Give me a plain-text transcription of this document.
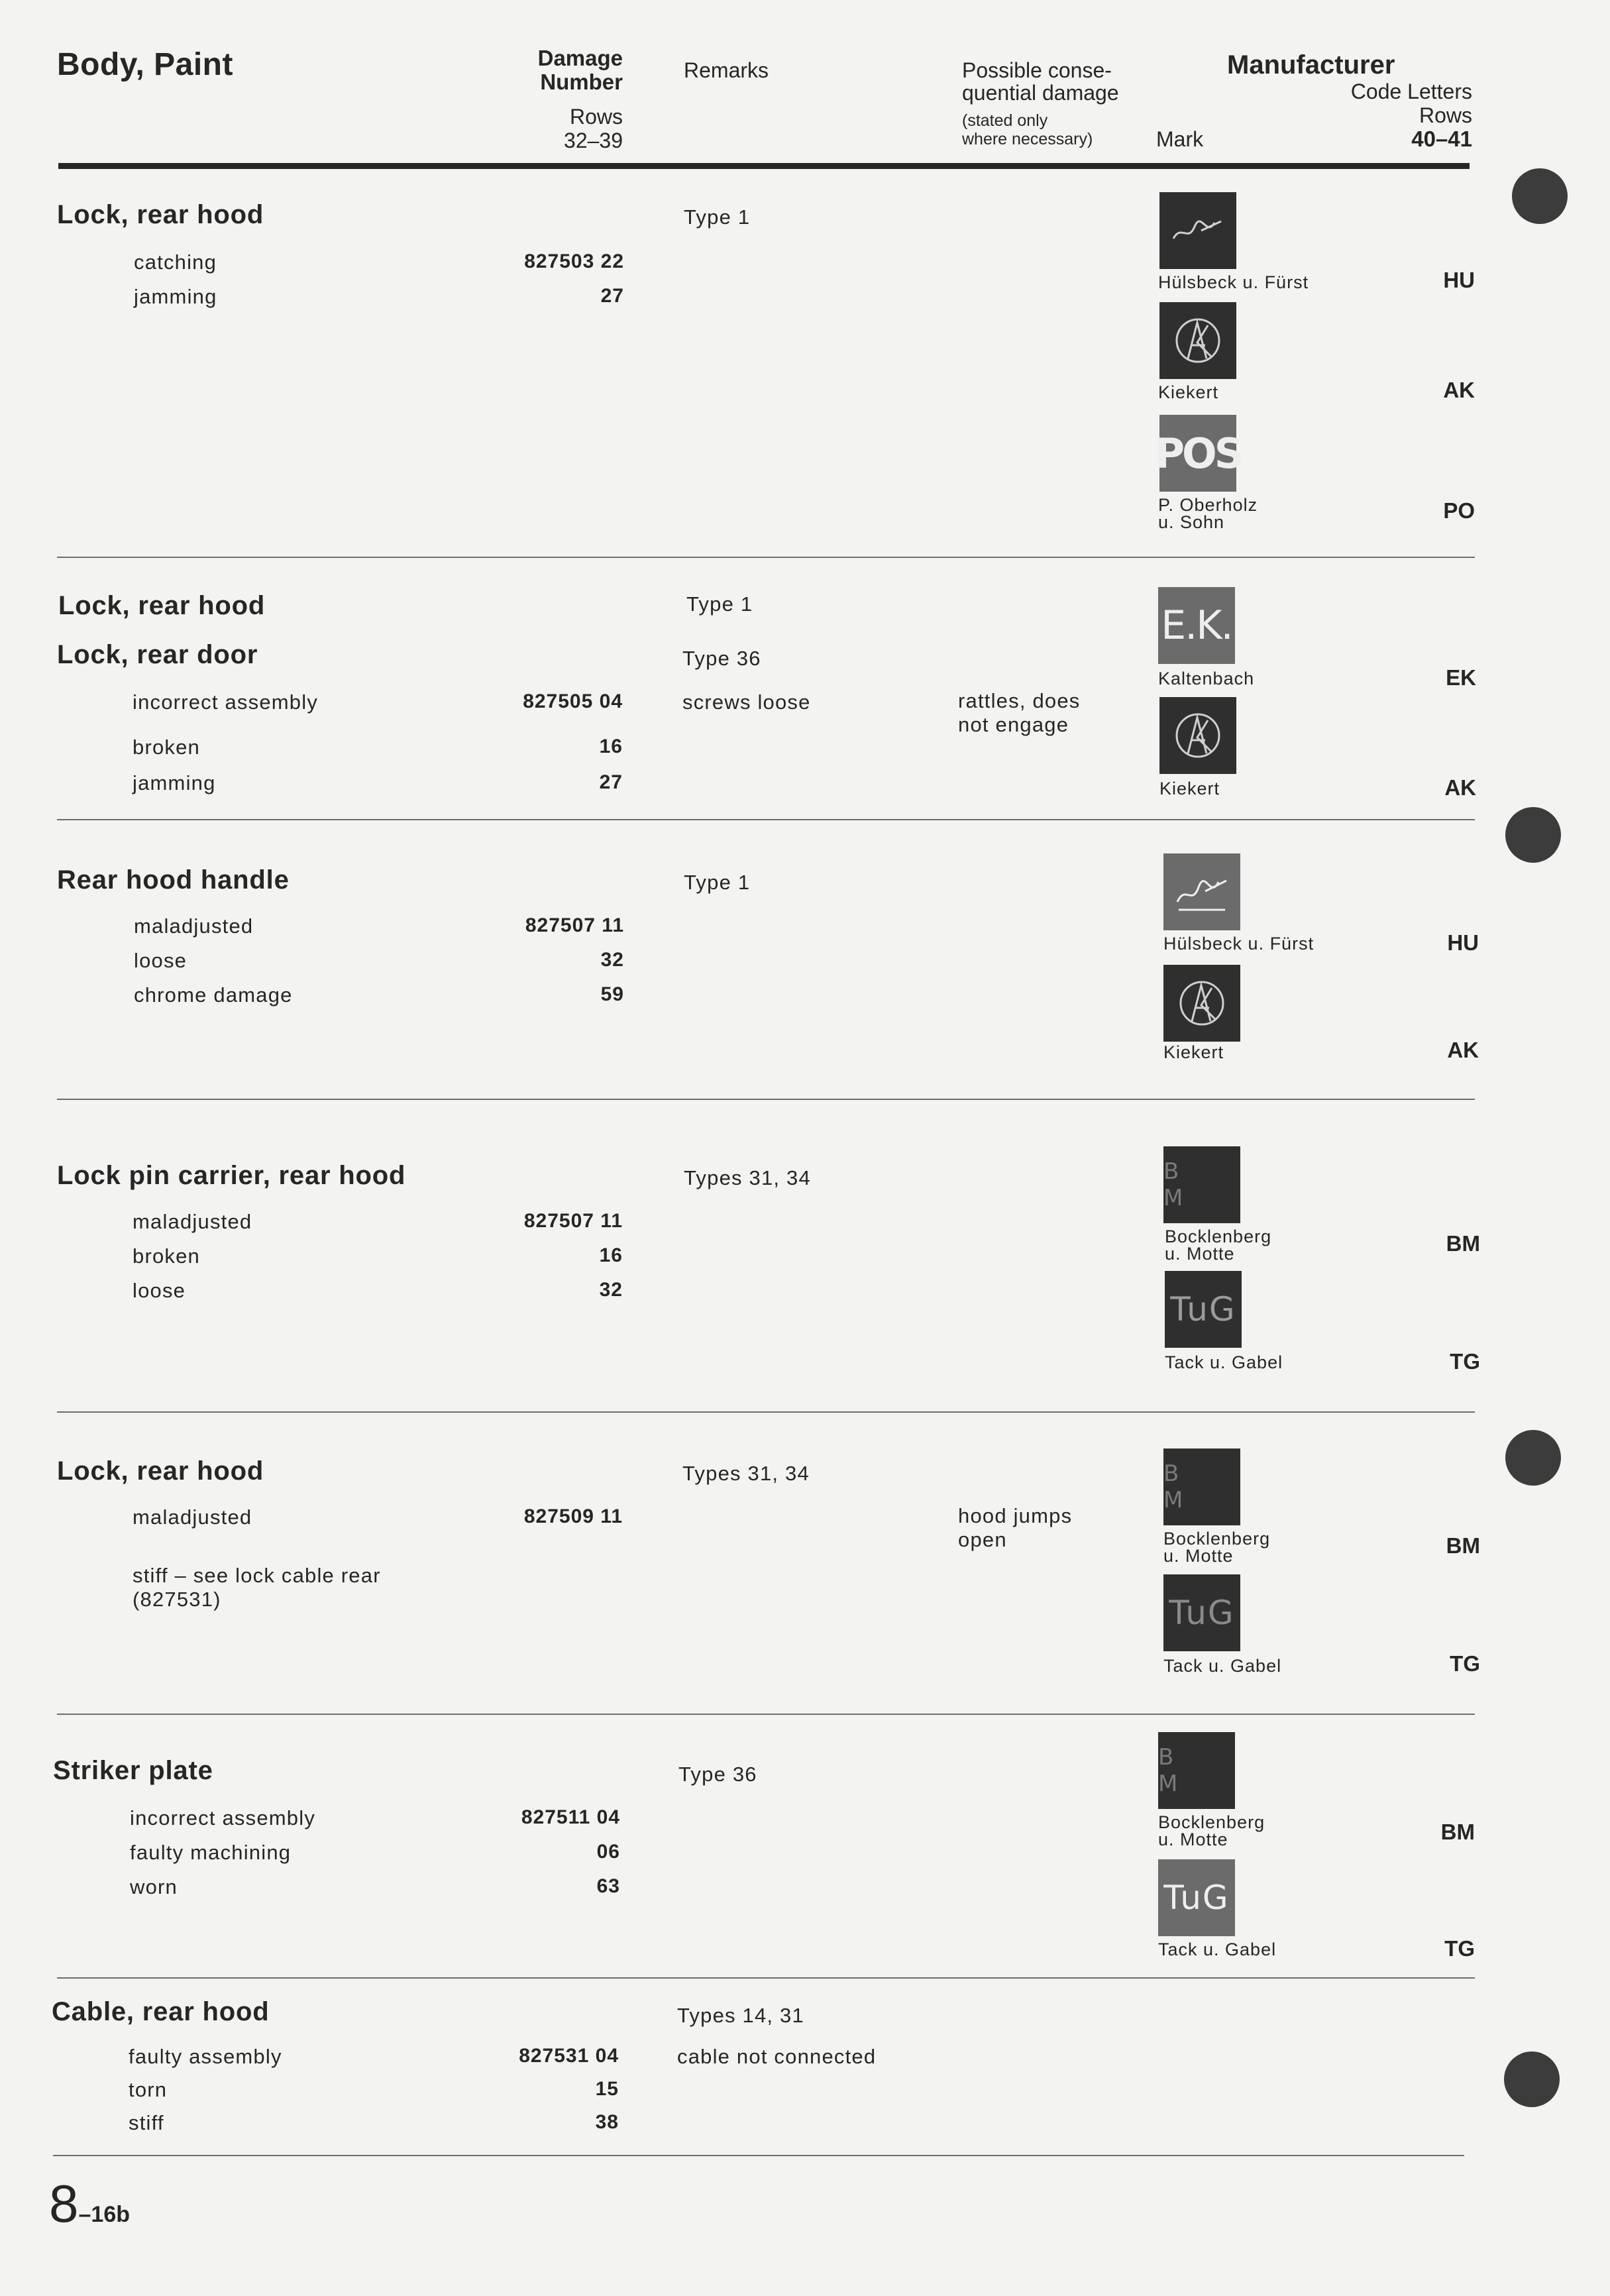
Body, Paint	Damage
Number
Rows
32–39
Remarks	Possible conse-
quential damage
(stated only
where necessary)	Mark
Manufacturer
Code Letters
Rows
40–41
Lock, rear hood	Type 1
catching	827503 22
jamming	27
Hülsbeck u. Fürst	HU
Kiekert	AK
POS
P. Oberholz
u. Sohn	PO
Lock, rear hood	Type 1
Lock, rear door	Type 36
incorrect assembly	827505 04	screws loose	rattles, does
not engage
broken	16
jamming	27
E.K.
Kaltenbach	EK
Kiekert	AK
Rear hood handle	Type 1
maladjusted	827507 11
loose	32
chrome damage	59
Hülsbeck u. Fürst	HU
Kiekert	AK
Lock pin carrier, rear hood	Types 31, 34
maladjusted	827507 11
broken	16
loose	32
B M
Bocklenberg
u. Motte	BM
TuG
Tack u. Gabel	TG
Lock, rear hood	Types 31, 34
maladjusted	827509 11	hood jumps
open
stiff – see lock cable rear
(827531)
B M
Bocklenberg
u. Motte	BM
TuG
Tack u. Gabel	TG
Striker plate	Type 36
incorrect assembly	827511 04
faulty machining	06
worn	63
B M
Bocklenberg
u. Motte	BM
TuG
Tack u. Gabel	TG
Cable, rear hood	Types 14, 31
faulty assembly	827531 04	cable not connected
torn	15
stiff	38
8–16b
